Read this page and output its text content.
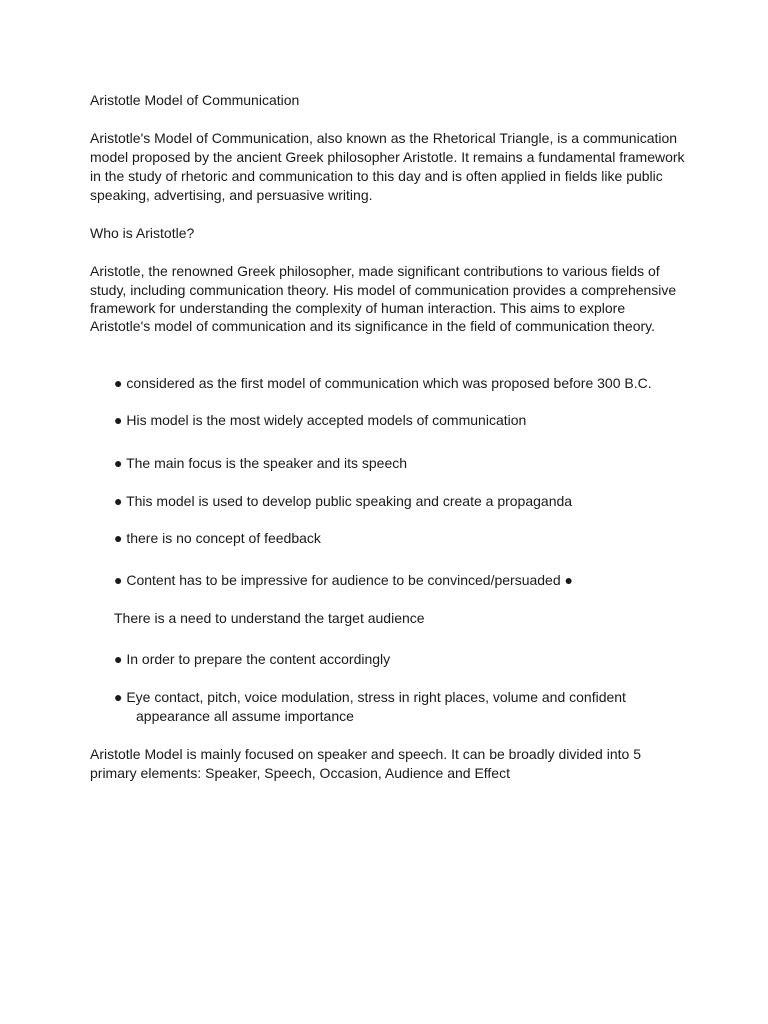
Aristotle Model of Communication

Aristotle's Model of Communication, also known as the Rhetorical Triangle, is a communication

model proposed by the ancient Greek philosopher Aristotle. It remains a fundamental framework

in the study of rhetoric and communication to this day and is often applied in fields like public

speaking, advertising, and persuasive writing.

Who is Aristotle?

Aristotle, the renowned Greek philosopher, made significant contributions to various fields of

study, including communication theory. His model of communication provides a comprehensive

framework for understanding the complexity of human interaction. This aims to explore

Aristotle's model of communication and its significance in the field of communication theory.

● considered as the first model of communication which was proposed before 300 B.C.

● His model is the most widely accepted models of communication

● The main focus is the speaker and its speech

● This model is used to develop public speaking and create a propaganda

● there is no concept of feedback

● Content has to be impressive for audience to be convinced/persuaded ●

There is a need to understand the target audience

● In order to prepare the content accordingly

● Eye contact, pitch, voice modulation, stress in right places, volume and confident

appearance all assume importance

Aristotle Model is mainly focused on speaker and speech. It can be broadly divided into 5

primary elements: Speaker, Speech, Occasion, Audience and Effect
